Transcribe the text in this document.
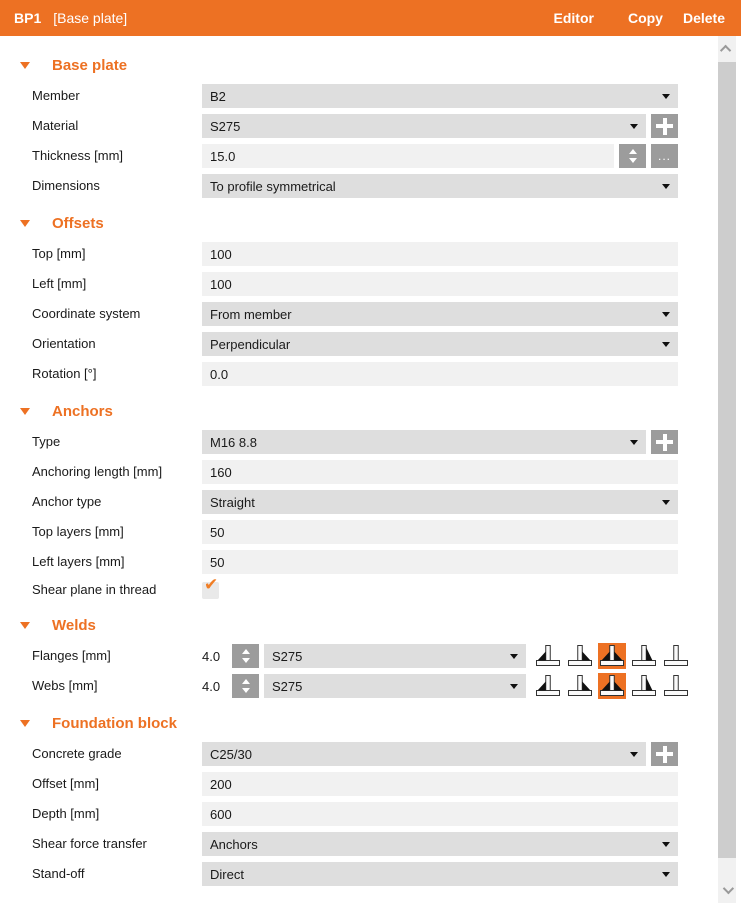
BP1 [Base plate]	Editor	Copy	Delete
Base plate
Member	B2
Material	S275
Thickness [mm]	15.0	...
Dimensions	To profile symmetrical
Offsets
Top [mm]	100
Left [mm]	100
Coordinate system	From member
Orientation	Perpendicular
Rotation [°]	0.0
Anchors
Type	M16 8.8
Anchoring length [mm]	160
Anchor type	Straight
Top layers [mm]	50
Left layers [mm]	50
Shear plane in thread	✔
Welds
Flanges [mm]	4.0	S275
Webs [mm]	4.0	S275
Foundation block
Concrete grade	C25/30
Offset [mm]	200
Depth [mm]	600
Shear force transfer	Anchors
Stand-off	Direct
